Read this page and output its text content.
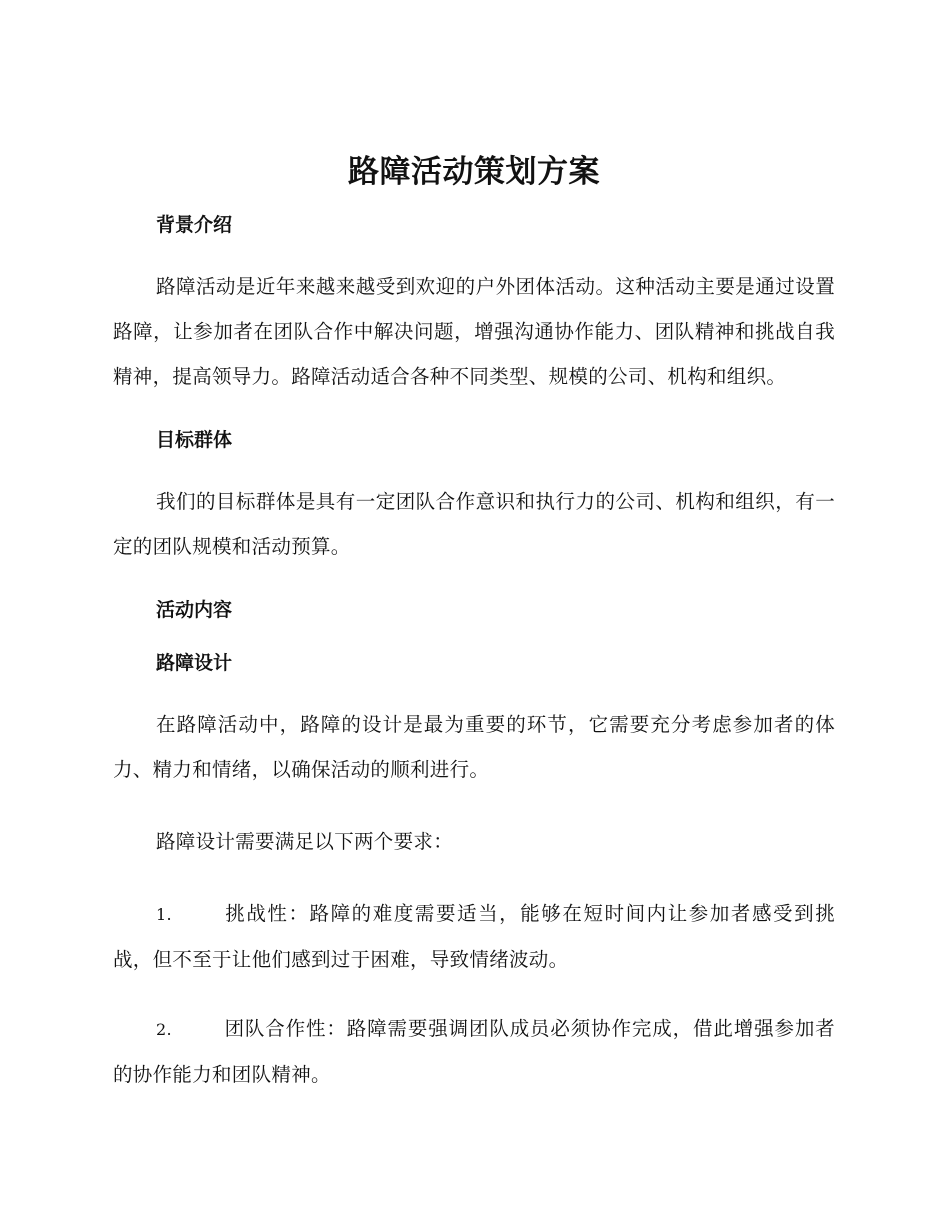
路障活动策划方案
背景介绍

路障活动是近年来越来越受到欢迎的户外团体活动。这种活动主要是通过设置路障，让参加者在团队合作中解决问题，增强沟通协作能力、团队精神和挑战自我精神，提高领导力。路障活动适合各种不同类型、规模的公司、机构和组织。

目标群体

我们的目标群体是具有一定团队合作意识和执行力的公司、机构和组织，有一定的团队规模和活动预算。

活动内容
路障设计

在路障活动中，路障的设计是最为重要的环节，它需要充分考虑参加者的体力、精力和情绪，以确保活动的顺利进行。

路障设计需要满足以下两个要求：

1.	挑战性：路障的难度需要适当，能够在短时间内让参加者感受到挑战，但不至于让他们感到过于困难，导致情绪波动。

2.	团队合作性：路障需要强调团队成员必须协作完成，借此增强参加者的协作能力和团队精神。
